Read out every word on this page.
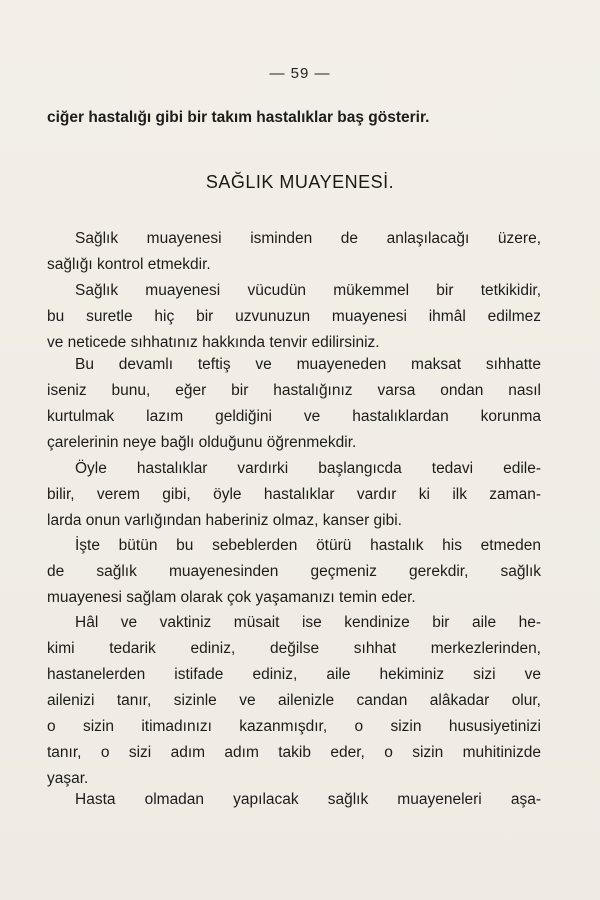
— 59 —
ciğer hastalığı gibi bir takım hastalıklar baş gösterir.
SAĞLIK MUAYENESİ.
Sağlık muayenesi isminden de anlaşılacağı üzere,
sağlığı kontrol etmekdir.
Sağlık muayenesi vücudün mükemmel bir tetkikidir,
bu suretle hiç bir uzvunuzun muayenesi ihmâl edilmez
ve neticede sıhhatınız hakkında tenvir edilirsiniz.
Bu devamlı teftiş ve muayeneden maksat sıhhatte
iseniz bunu, eğer bir hastalığınız varsa ondan nasıl
kurtulmak lazım geldiğini ve hastalıklardan korunma
çarelerinin neye bağlı olduğunu öğrenmekdir.
Öyle hastalıklar vardırki başlangıcda tedavi edile-
bilir, verem gibi, öyle hastalıklar vardır ki ilk zaman-
larda onun varlığından haberiniz olmaz, kanser gibi.
İşte bütün bu sebeblerden ötürü hastalık his etmeden
de sağlık muayenesinden geçmeniz gerekdir, sağlık
muayenesi sağlam olarak çok yaşamanızı temin eder.
Hâl ve vaktiniz müsait ise kendinize bir aile he-
kimi tedarik ediniz, değilse sıhhat merkezlerinden,
hastanelerden istifade ediniz, aile hekiminiz sizi ve
ailenizi tanır, sizinle ve ailenizle candan alâkadar olur,
o sizin itimadınızı kazanmışdır, o sizin hususiyetinizi
tanır, o sizi adım adım takib eder, o sizin muhitinizde
yaşar.
Hasta olmadan yapılacak sağlık muayeneleri aşa-
